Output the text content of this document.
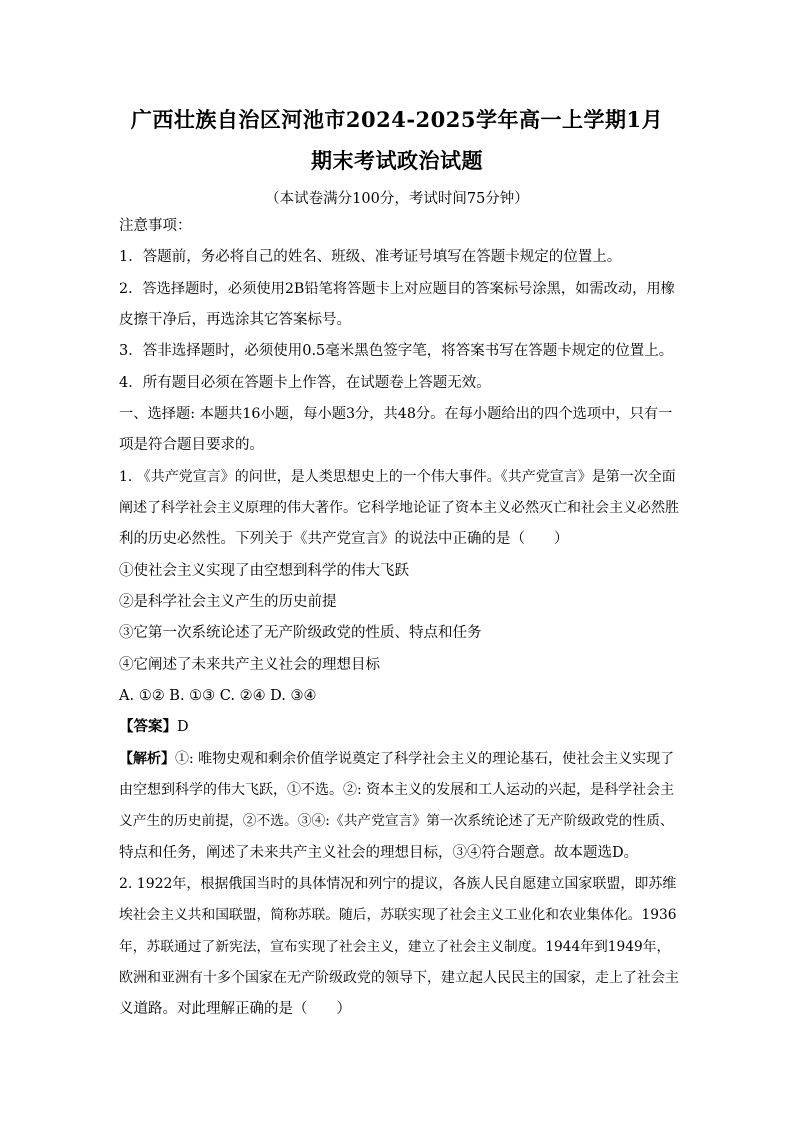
广西壮族自治区河池市2024-2025学年高一上学期1月
期末考试政治试题
（本试卷满分100分，考试时间75分钟）
注意事项：
1．答题前，务必将自己的姓名、班级、准考证号填写在答题卡规定的位置上。
2．答选择题时，必须使用2B铅笔将答题卡上对应题目的答案标号涂黑，如需改动，用橡
皮擦干净后，再选涂其它答案标号。
3．答非选择题时，必须使用0.5毫米黑色签字笔，将答案书写在答题卡规定的位置上。
4．所有题目必须在答题卡上作答，在试题卷上答题无效。
一、选择题: 本题共16小题，每小题3分，共48分。在每小题给出的四个选项中，只有一
项是符合题目要求的。
1. 《共产党宣言》的问世，是人类思想史上的一个伟大事件。《共产党宣言》是第一次全面
阐述了科学社会主义原理的伟大著作。它科学地论证了资本主义必然灭亡和社会主义必然胜
利的历史必然性。下列关于《共产党宣言》的说法中正确的是（　　）
①使社会主义实现了由空想到科学的伟大飞跃
②是科学社会主义产生的历史前提
③它第一次系统论述了无产阶级政党的性质、特点和任务
④它阐述了未来共产主义社会的理想目标
A. ①② B. ①③ C. ②④ D. ③④
【答案】D
【解析】①: 唯物史观和剩余价值学说奠定了科学社会主义的理论基石，使社会主义实现了
由空想到科学的伟大飞跃，①不选。②: 资本主义的发展和工人运动的兴起，是科学社会主
义产生的历史前提，②不选。③④:《共产党宣言》第一次系统论述了无产阶级政党的性质、
特点和任务，阐述了未来共产主义社会的理想目标，③④符合题意。故本题选D。
2. 1922年，根据俄国当时的具体情况和列宁的提议，各族人民自愿建立国家联盟，即苏维
埃社会主义共和国联盟，简称苏联。随后，苏联实现了社会主义工业化和农业集体化。1936
年，苏联通过了新宪法，宣布实现了社会主义，建立了社会主义制度。1944年到1949年，
欧洲和亚洲有十多个国家在无产阶级政党的领导下，建立起人民民主的国家，走上了社会主
义道路。对此理解正确的是（　　）
